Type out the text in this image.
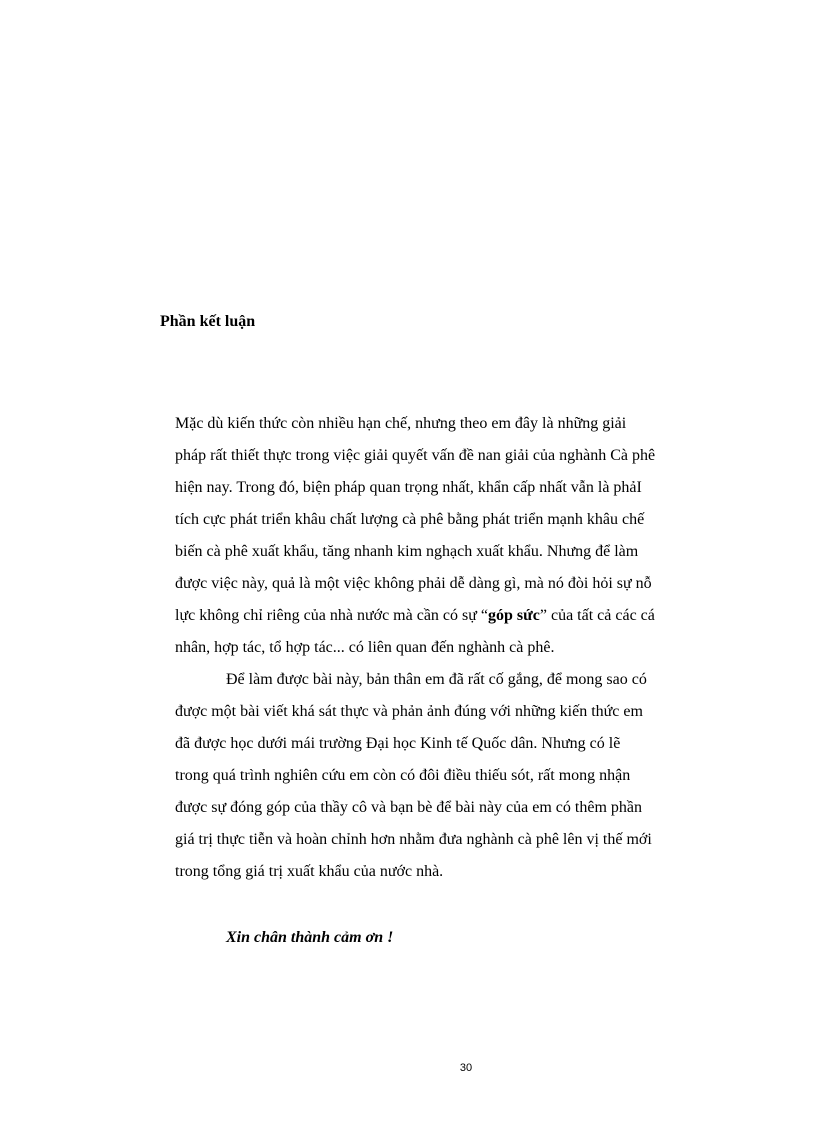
Phần kết luận

Mặc dù kiến thức còn nhiều hạn chế, nhưng theo em đây là những giải

pháp rất thiết thực trong việc giải quyết vấn đề nan giải của nghành Cà phê

hiện nay. Trong đó, biện pháp quan trọng nhất, khẩn cấp nhất vẫn là phảI

tích cực phát triển khâu chất lượng cà phê bằng phát triển mạnh khâu chế

biến cà phê xuất khẩu, tăng nhanh kim nghạch xuất khẩu. Nhưng để làm

được việc này, quả là một việc không phải dễ dàng gì, mà nó đòi hỏi sự nỗ

lực không chỉ riêng của nhà nước mà cần có sự “góp sức” của tất cả các cá

nhân, hợp tác, tổ hợp tác... có liên quan đến nghành cà phê.

Để làm được bài này, bản thân em đã rất cố gắng, để mong sao có

được một bài viết khá sát thực và phản ảnh đúng với những kiến thức em

đã được học dưới mái trường Đại học Kinh tế Quốc dân. Nhưng có lẽ

trong quá trình nghiên cứu em còn có đôi điều thiếu sót, rất mong nhận

được sự đóng góp của thầy cô và bạn bè để bài này của em có thêm phần

giá trị thực tiễn và hoàn chỉnh hơn nhằm đưa nghành cà phê lên vị thế mới

trong tổng giá trị xuất khẩu của nước nhà.

Xin chân thành cảm ơn !

30
